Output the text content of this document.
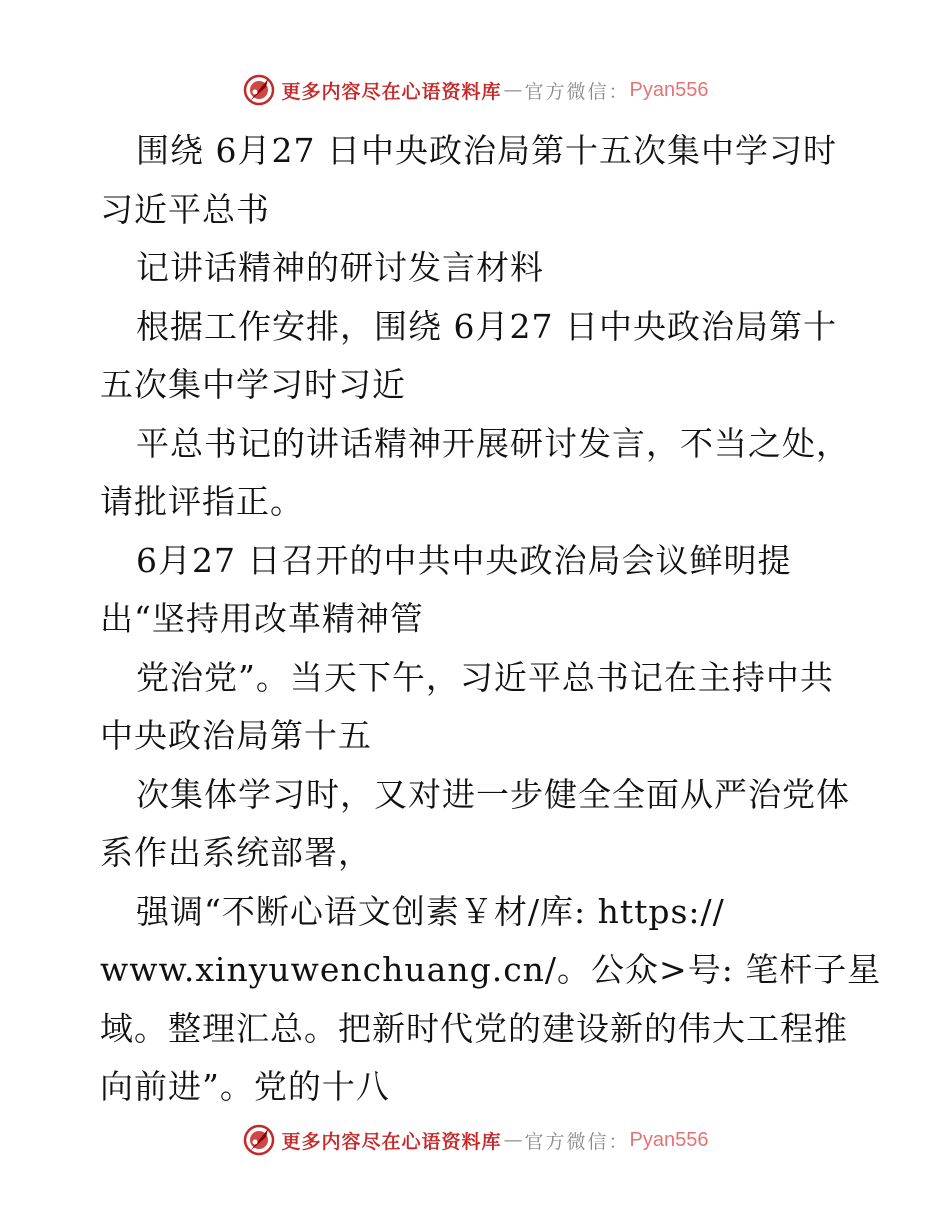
更多内容尽在心语资料库 — 官方微信： Pyan556
围绕 6月27 日中央政治局第十五次集中学习时
习近平总书
记讲话精神的研讨发言材料
根据工作安排，围绕 6月27 日中央政治局第十
五次集中学习时习近
平总书记的讲话精神开展研讨发言，不当之处，
请批评指正。
6月27 日召开的中共中央政治局会议鲜明提
出“坚持用改革精神管
党治党”。当天下午，习近平总书记在主持中共
中央政治局第十五
次集体学习时，又对进一步健全全面从严治党体
系作出系统部署，
强调“不断心语文创素￥材/库: https://
www.xinyuwenchuang.cn/。公众>号: 笔杆子星
域。整理汇总。把新时代党的建设新的伟大工程推
向前进”。党的十八
更多内容尽在心语资料库 — 官方微信： Pyan556
